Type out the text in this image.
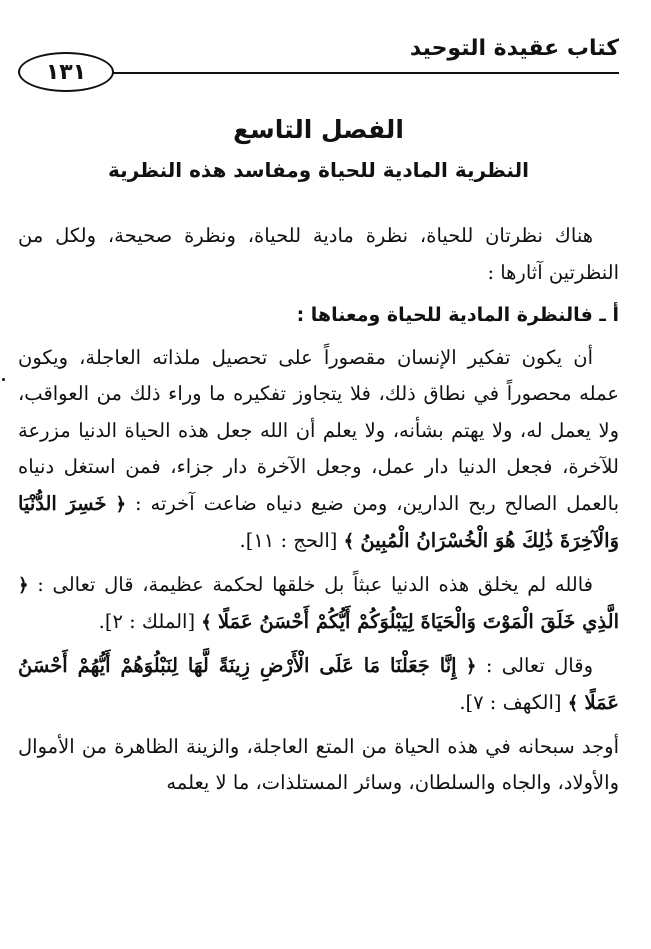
كتاب عقيدة التوحيد
١٣١
الفصل التاسع
النظرية المادية للحياة ومفاسد هذه النظرية

هناك نظرتان للحياة، نظرة مادية للحياة، ونظرة صحيحة، ولكل من النظرتين آثارها :

أ ـ فالنظرة المادية للحياة ومعناها :

أن يكون تفكير الإنسان مقصوراً على تحصيل ملذاته العاجلة، ويكون عمله محصوراً في نطاق ذلك، فلا يتجاوز تفكيره ما وراء ذلك من العواقب، ولا يعمل له، ولا يهتم بشأنه، ولا يعلم أن الله جعل هذه الحياة الدنيا مزرعة للآخرة، فجعل الدنيا دار عمل، وجعل الآخرة دار جزاء، فمن استغل دنياه بالعمل الصالح ربح الدارين، ومن ضيع دنياه ضاعت آخرته : ﴿ خَسِرَ الدُّنْيَا وَالْآخِرَةَ ذَٰلِكَ هُوَ الْخُسْرَانُ الْمُبِينُ ﴾ [الحج : ١١].

فالله لم يخلق هذه الدنيا عبثاً بل خلقها لحكمة عظيمة، قال تعالى : ﴿ الَّذِي خَلَقَ الْمَوْتَ وَالْحَيَاةَ لِيَبْلُوَكُمْ أَيُّكُمْ أَحْسَنُ عَمَلًا ﴾ [الملك : ٢].

وقال تعالى : ﴿ إِنَّا جَعَلْنَا مَا عَلَى الْأَرْضِ زِينَةً لَّهَا لِنَبْلُوَهُمْ أَيُّهُمْ أَحْسَنُ عَمَلًا ﴾ [الكهف : ٧].

أوجد سبحانه في هذه الحياة من المتع العاجلة، والزينة الظاهرة من الأموال والأولاد، والجاه والسلطان، وسائر المستلذات، ما لا يعلمه
